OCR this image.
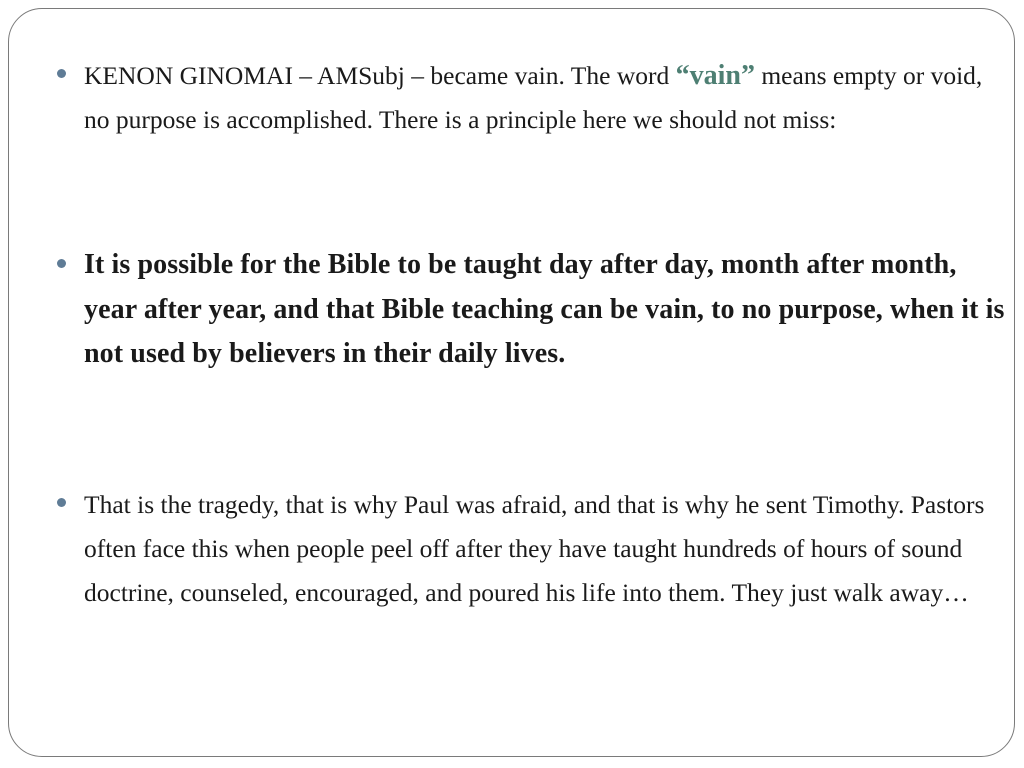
KENON GINOMAI – AMSubj – became vain. The word “vain” means empty or void, no purpose is accomplished. There is a principle here we should not miss:
It is possible for the Bible to be taught day after day, month after month, year after year, and that Bible teaching can be vain, to no purpose, when it is not used by believers in their daily lives.
That is the tragedy, that is why Paul was afraid, and that is why he sent Timothy. Pastors often face this when people peel off after they have taught hundreds of hours of sound doctrine, counseled, encouraged, and poured his life into them. They just walk away…
